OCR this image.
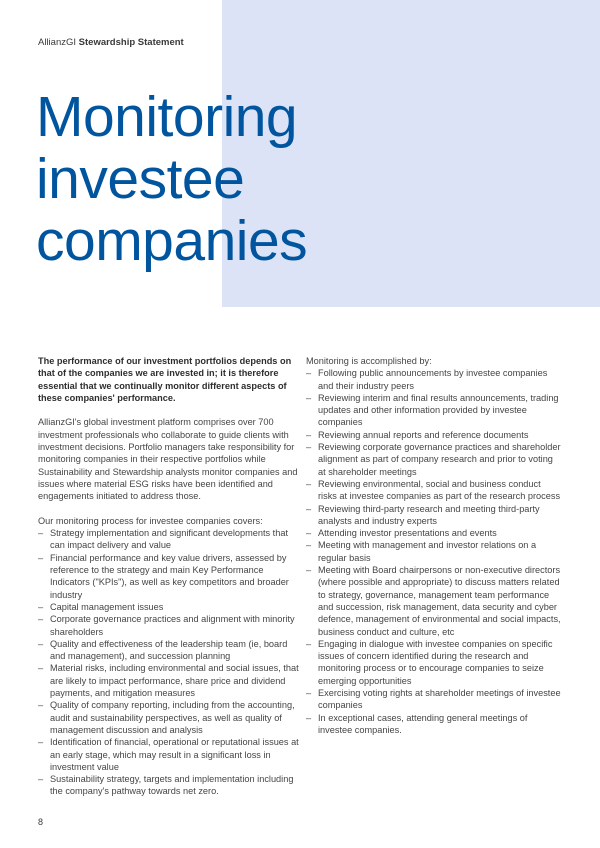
AllianzGI Stewardship Statement
Monitoring
investee
companies

The performance of our investment portfolios depends on that of the companies we are invested in; it is therefore essential that we continually monitor different aspects of these companies' performance.

AllianzGI's global investment platform comprises over 700 investment professionals who collaborate to guide clients with investment decisions. Portfolio managers take responsibility for monitoring companies in their respective portfolios while Sustainability and Stewardship analysts monitor companies and issues where material ESG risks have been identified and engagements initiated to address those.

Our monitoring process for investee companies covers:

– Strategy implementation and significant developments that can impact delivery and value
– Financial performance and key value drivers, assessed by reference to the strategy and main Key Performance Indicators ("KPIs"), as well as key competitors and broader industry
– Capital management issues
– Corporate governance practices and alignment with minority shareholders
– Quality and effectiveness of the leadership team (ie, board and management), and succession planning
– Material risks, including environmental and social issues, that are likely to impact performance, share price and dividend payments, and mitigation measures
– Quality of company reporting, including from the accounting, audit and sustainability perspectives, as well as quality of management discussion and analysis
– Identification of financial, operational or reputational issues at an early stage, which may result in a significant loss in investment value
– Sustainability strategy, targets and implementation including the company's pathway towards net zero.

Monitoring is accomplished by:

– Following public announcements by investee companies and their industry peers
– Reviewing interim and final results announcements, trading updates and other information provided by investee companies
– Reviewing annual reports and reference documents
– Reviewing corporate governance practices and shareholder alignment as part of company research and prior to voting at shareholder meetings
– Reviewing environmental, social and business conduct risks at investee companies as part of the research process
– Reviewing third-party research and meeting third-party analysts and industry experts
– Attending investor presentations and events
– Meeting with management and investor relations on a regular basis
– Meeting with Board chairpersons or non-executive directors (where possible and appropriate) to discuss matters related to strategy, governance, management team performance and succession, risk management, data security and cyber defence, management of environmental and social impacts, business conduct and culture, etc
– Engaging in dialogue with investee companies on specific issues of concern identified during the research and monitoring process or to encourage companies to seize emerging opportunities
– Exercising voting rights at shareholder meetings of investee companies
– In exceptional cases, attending general meetings of investee companies.
8
